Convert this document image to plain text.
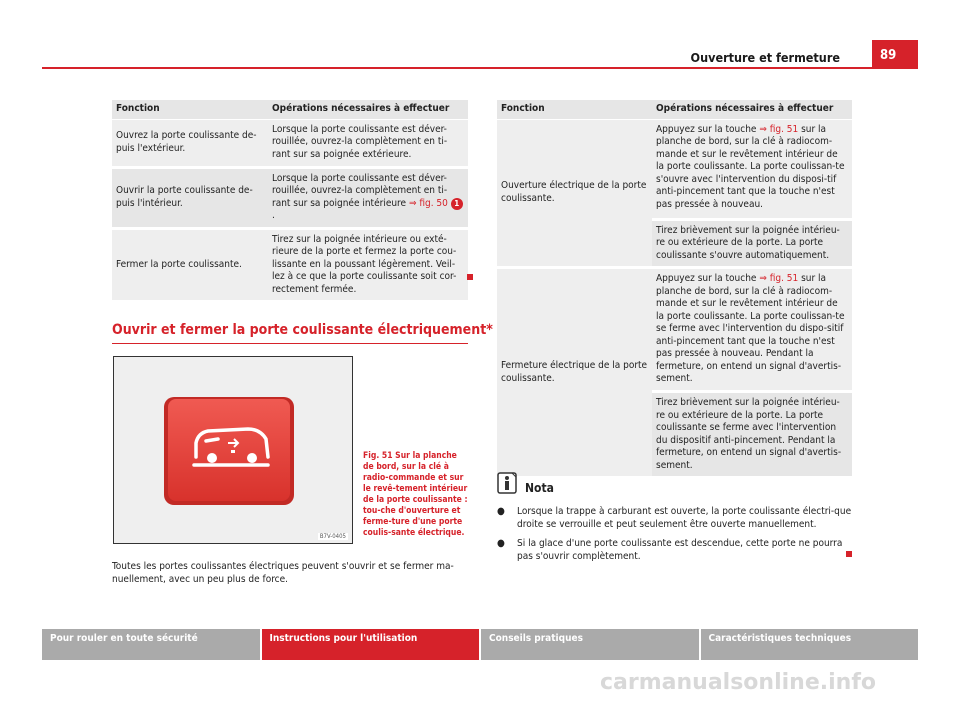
Ouverture et fermeture	89
Fonction	Opérations nécessaires à effectuer
Ouvrez la porte coulissante de-puis l'extérieur.	Lorsque la porte coulissante est déver-rouillée, ouvrez-la complètement en ti-rant sur sa poignée extérieure.
Ouvrir la porte coulissante de-puis l'intérieur.	Lorsque la porte coulissante est déver-rouillée, ouvrez-la complètement en ti-rant sur sa poignée intérieure ⇒ fig. 50 1.
Fermer la porte coulissante.	Tirez sur la poignée intérieure ou exté-rieure de la porte et fermez la porte cou-lissante en la poussant légèrement. Veil-lez à ce que la porte coulissante soit cor-rectement fermée.
Ouvrir et fermer la porte coulissante électriquement*
B7V-0405
Fig. 51 Sur la planche de bord, sur la clé à radio-commande et sur le revê-tement intérieur de la porte coulissante : tou-che d'ouverture et ferme-ture d'une porte coulis-sante électrique.
Toutes les portes coulissantes électriques peuvent s'ouvrir et se fermer ma-nuellement, avec un peu plus de force.
Fonction	Opérations nécessaires à effectuer
Ouverture électrique de la porte coulissante.	Appuyez sur la touche ⇒ fig. 51 sur la planche de bord, sur la clé à radiocom-mande et sur le revêtement intérieur de la porte coulissante. La porte coulissan-te s'ouvre avec l'intervention du disposi-tif anti-pincement tant que la touche n'est pas pressée à nouveau.
	Tirez brièvement sur la poignée intérieu-re ou extérieure de la porte. La porte coulissante s'ouvre automatiquement.
Fermeture électrique de la porte coulissante.	Appuyez sur la touche ⇒ fig. 51 sur la planche de bord, sur la clé à radiocom-mande et sur le revêtement intérieur de la porte coulissante. La porte coulissan-te se ferme avec l'intervention du dispo-sitif anti-pincement tant que la touche n'est pas pressée à nouveau. Pendant la fermeture, on entend un signal d'avertis-sement.
	Tirez brièvement sur la poignée intérieu-re ou extérieure de la porte. La porte coulissante se ferme avec l'intervention du dispositif anti-pincement. Pendant la fermeture, on entend un signal d'avertis-sement.
Nota
● Lorsque la trappe à carburant est ouverte, la porte coulissante électri-que droite se verrouille et peut seulement être ouverte manuellement.
● Si la glace d'une porte coulissante est descendue, cette porte ne pourra pas s'ouvrir complètement.
Pour rouler en toute sécurité	Instructions pour l'utilisation	Conseils pratiques	Caractéristiques techniques
carmanualsonline.info
